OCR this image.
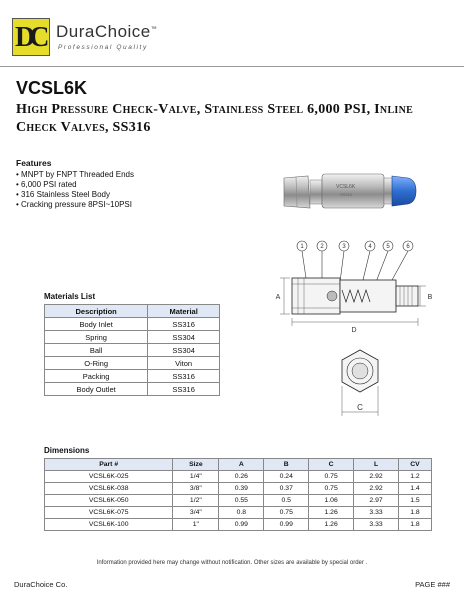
DC DuraChoice™
Professional Quality
VCSL6K
High Pressure Check-Valve, Stainless Steel 6,000 PSI, Inline Check Valves, SS316
Features
• MNPT by FNPT Threaded Ends
• 6,000 PSI rated
• 316 Stainless Steel Body
• Cracking pressure 8PSI~10PSI
VCSL6K
SS316
1	2	3	4 5	6
A	B
D
C
Materials List
Description	Material
Body Inlet	SS316
Spring	SS304
Ball	SS304
O-Ring	Viton
Packing	SS316
Body Outlet	SS316
Dimensions
Part #	Size	A	B	C	L	CV
VCSL6K-025	1/4"	0.26	0.24	0.75	2.92	1.2
VCSL6K-038	3/8"	0.39	0.37	0.75	2.92	1.4
VCSL6K-050	1/2"	0.55	0.5	1.06	2.97	1.5
VCSL6K-075	3/4"	0.8	0.75	1.26	3.33	1.8
VCSL6K-100	1"	0.99	0.99	1.26	3.33	1.8
Information provided here may change without notification. Other sizes are available by special order .
DuraChoice Co.	PAGE ###
